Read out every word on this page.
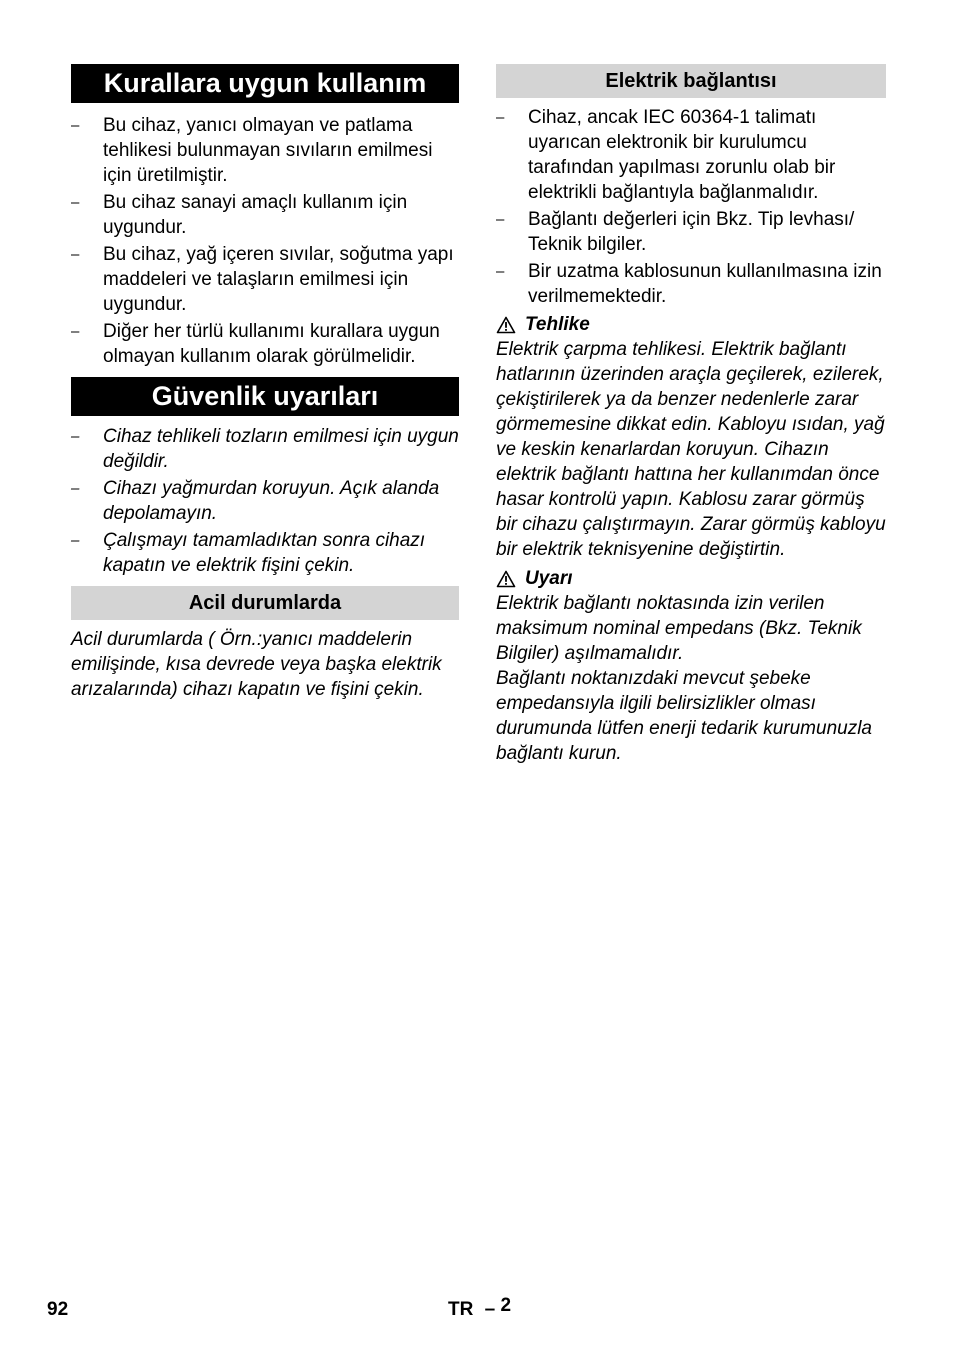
Kurallara uygun kullanım
– Bu cihaz, yanıcı olmayan ve patlama tehlikesi bulunmayan sıvıların emilmesi için üretilmiştir.
– Bu cihaz sanayi amaçlı kullanım için uygundur.
– Bu cihaz, yağ içeren sıvılar, soğutma yapı maddeleri ve talaşların emilmesi için uygundur.
– Diğer her türlü kullanımı kurallara uygun olmayan kullanım olarak görülmelidir.
Güvenlik uyarıları
– Cihaz tehlikeli tozların emilmesi için uygun değildir.
– Cihazı yağmurdan koruyun. Açık alanda depolamayın.
– Çalışmayı tamamladıktan sonra cihazı kapatın ve elektrik fişini çekin.
Acil durumlarda

Acil durumlarda ( Örn.:yanıcı maddelerin emilişinde, kısa devrede veya başka elektrik arızalarında) cihazı kapatın ve fişini çekin.

Elektrik bağlantısı
– Cihaz, ancak IEC 60364-1 talimatı uyarıcan elektronik bir kurulumcu tarafından yapılması zorunlu olab bir elektrikli bağlantıyla bağlanmalıdır.
– Bağlantı değerleri için Bkz. Tip levhası/ Teknik bilgiler.
– Bir uzatma kablosunun kullanılmasına izin verilmemektedir.
Tehlike

Elektrik çarpma tehlikesi. Elektrik bağlantı hatlarının üzerinden araçla geçilerek, ezilerek, çekiştirilerek ya da benzer nedenlerle zarar görmemesine dikkat edin. Kabloyu ısıdan, yağ ve keskin kenarlardan koruyun. Cihazın elektrik bağlantı hattına her kullanımdan önce hasar kontrolü yapın. Kablosu zarar görmüş bir cihazu çalıştırmayın. Zarar görmüş kabloyu bir elektrik teknisyenine değiştirtin.

Uyarı

Elektrik bağlantı noktasında izin verilen maksimum nominal empedans (Bkz. Teknik Bilgiler) aşılmamalıdır.

Bağlantı noktanızdaki mevcut şebeke empedansıyla ilgili belirsizlikler olması durumunda lütfen enerji tedarik kurumunuzla bağlantı kurun.

92	TR – 2
